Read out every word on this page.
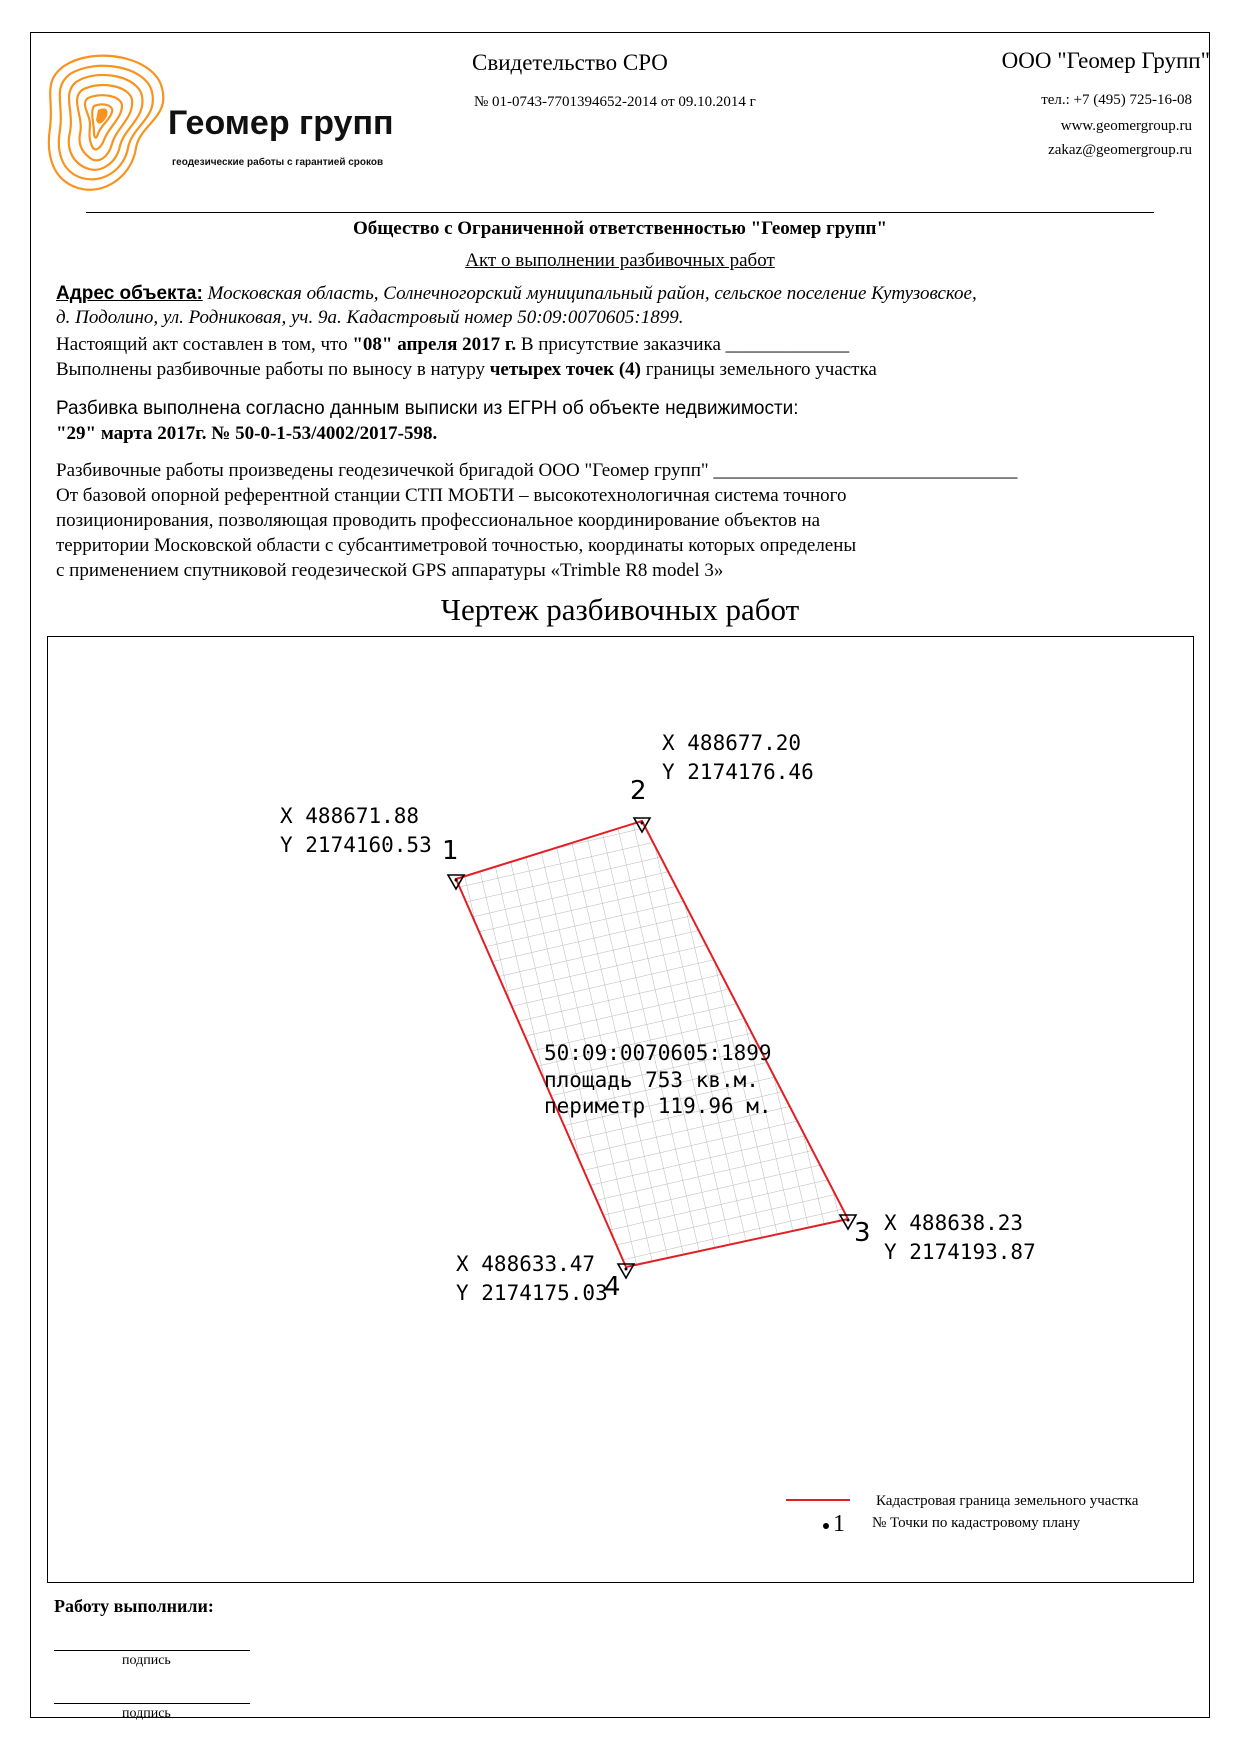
Геомер групп
геодезические работы с гарантией сроков
Свидетельство СРО
№ 01-0743-7701394652-2014 от 09.10.2014 г
ООО "Геомер Групп"
тел.: +7 (495) 725-16-08
www.geomergroup.ru
zakaz@geomergroup.ru
Общество с Ограниченной ответственностью "Геомер групп"
Акт о выполнении разбивочных работ
Адрес объекта: Московская область, Солнечногорский муниципальный район, сельское поселение Кутузовское,
д. Подолино, ул. Родниковая, уч. 9а. Кадастровый номер 50:09:0070605:1899.
Настоящий акт составлен в том, что "08" апреля 2017 г. В присутствие заказчика _____________
Выполнены разбивочные работы по выносу в натуру четырех точек (4) границы земельного участка
Разбивка выполнена согласно данным выписки из ЕГРН об объекте недвижимости:
"29" марта 2017г. № 50-0-1-53/4002/2017-598.
Разбивочные работы произведены геодезичечкой бригадой ООО "Геомер групп" ________________________________
От базовой опорной референтной станции СТП МОБТИ – высокотехнологичная система точного
позиционирования, позволяющая проводить профессиональное координирование объектов на
территории Московской области с субсантиметровой точностью, координаты которых определены
с применением спутниковой геодезической GPS аппаратуры «Trimble R8 model 3»
Чертеж разбивочных работ
1
X 488671.88
Y 2174160.53
2
X 488677.20
Y 2174176.46
3 X 488638.23
Y 2174193.87
4
X 488633.47
Y 2174175.03
50:09:0070605:1899
площадь 753 кв.м.
периметр 119.96 м.
Кадастровая граница земельного участка
1 № Точки по кадастровому плану
Работу выполнили:
подпись
подпись
